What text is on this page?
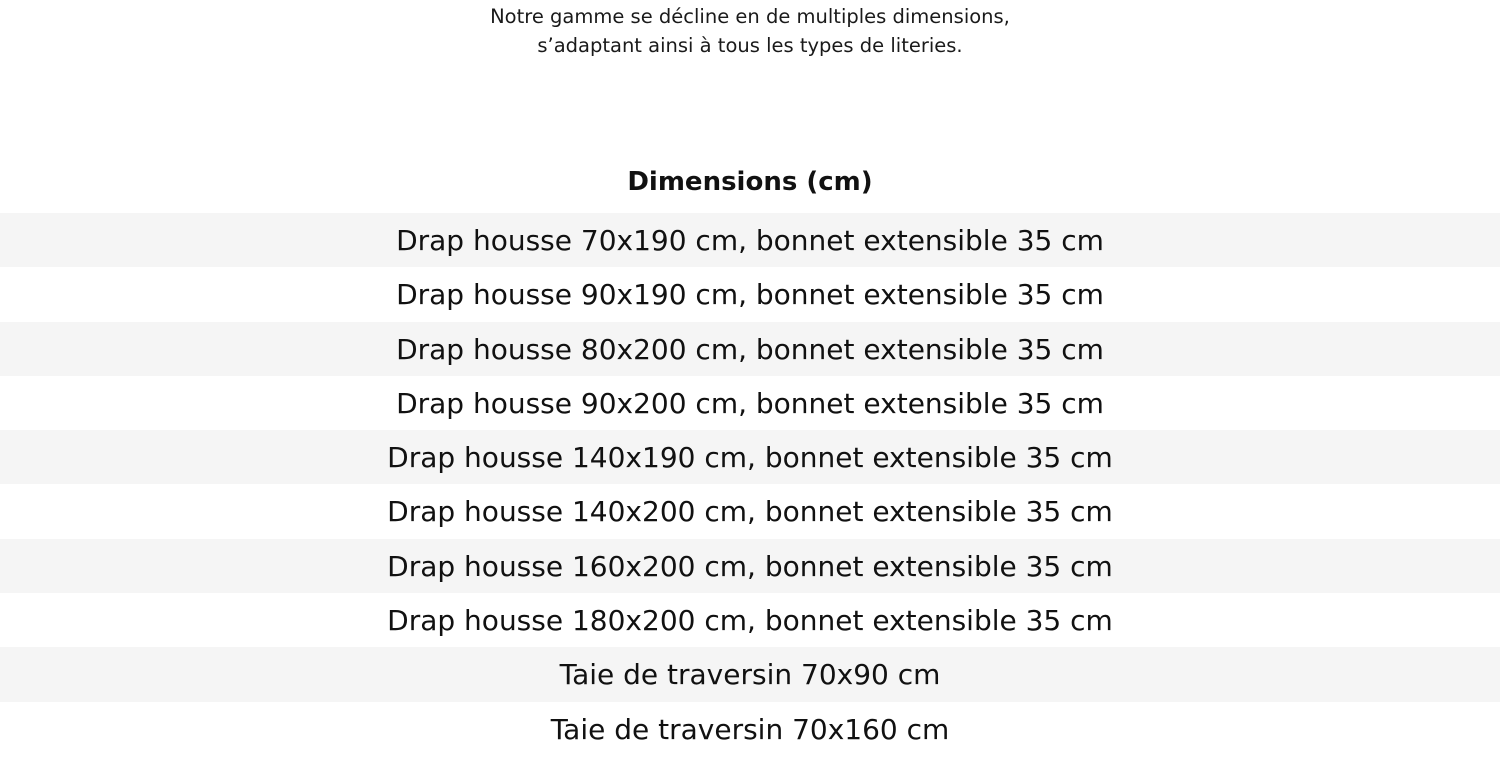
Notre gamme se décline en de multiples dimensions,
s’adaptant ainsi à tous les types de literies.
Dimensions (cm)
Drap housse 70x190 cm, bonnet extensible 35 cm
Drap housse 90x190 cm, bonnet extensible 35 cm
Drap housse 80x200 cm, bonnet extensible 35 cm
Drap housse 90x200 cm, bonnet extensible 35 cm
Drap housse 140x190 cm, bonnet extensible 35 cm
Drap housse 140x200 cm, bonnet extensible 35 cm
Drap housse 160x200 cm, bonnet extensible 35 cm
Drap housse 180x200 cm, bonnet extensible 35 cm
Taie de traversin 70x90 cm
Taie de traversin 70x160 cm
